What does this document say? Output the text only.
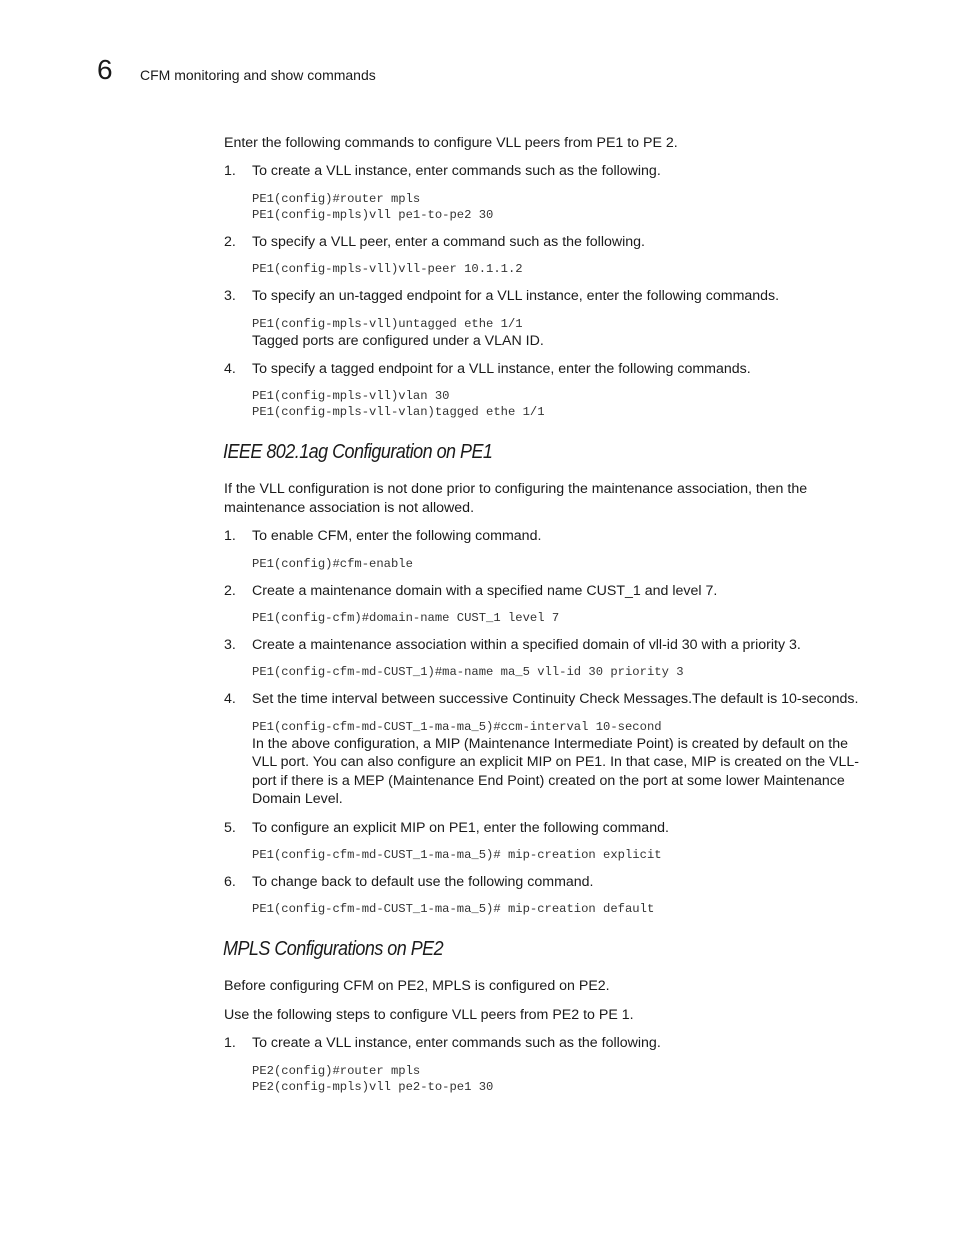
6 CFM monitoring and show commands

Enter the following commands to configure VLL peers from PE1 to PE 2.

1. To create a VLL instance, enter commands such as the following.
PE1(config)#router mpls
PE1(config-mpls)vll pe1-to-pe2 30
2. To specify a VLL peer, enter a command such as the following.
PE1(config-mpls-vll)vll-peer 10.1.1.2
3. To specify an un-tagged endpoint for a VLL instance, enter the following commands.
PE1(config-mpls-vll)untagged ethe 1/1

Tagged ports are configured under a VLAN ID.

4. To specify a tagged endpoint for a VLL instance, enter the following commands.
PE1(config-mpls-vll)vlan 30
PE1(config-mpls-vll-vlan)tagged ethe 1/1
IEEE 802.1ag Configuration on PE1

If the VLL configuration is not done prior to configuring the maintenance association, then the maintenance association is not allowed.

1. To enable CFM, enter the following command.
PE1(config)#cfm-enable
2. Create a maintenance domain with a specified name CUST_1 and level 7.
PE1(config-cfm)#domain-name CUST_1 level 7
3. Create a maintenance association within a specified domain of vll-id 30 with a priority 3.
PE1(config-cfm-md-CUST_1)#ma-name ma_5 vll-id 30 priority 3
4. Set the time interval between successive Continuity Check Messages.The default is 10-seconds.
PE1(config-cfm-md-CUST_1-ma-ma_5)#ccm-interval 10-second

In the above configuration, a MIP (Maintenance Intermediate Point) is created by default on the VLL port. You can also configure an explicit MIP on PE1. In that case, MIP is created on the VLL-port if there is a MEP (Maintenance End Point) created on the port at some lower Maintenance Domain Level.

5. To configure an explicit MIP on PE1, enter the following command.
PE1(config-cfm-md-CUST_1-ma-ma_5)# mip-creation explicit
6. To change back to default use the following command.
PE1(config-cfm-md-CUST_1-ma-ma_5)# mip-creation default
MPLS Configurations on PE2

Before configuring CFM on PE2, MPLS is configured on PE2.

Use the following steps to configure VLL peers from PE2 to PE 1.

1. To create a VLL instance, enter commands such as the following.
PE2(config)#router mpls
PE2(config-mpls)vll pe2-to-pe1 30
